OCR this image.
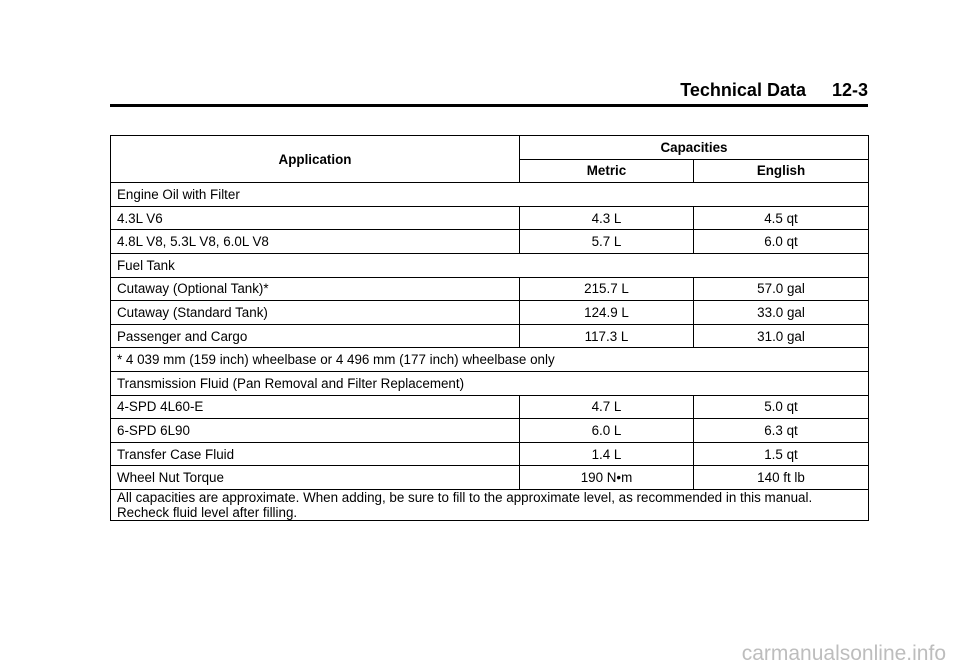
Technical Data 12-3
Application	Capacities	
	Metric	English
Engine Oil with Filter		
4.3L V6	4.3 L	4.5 qt
4.8L V8, 5.3L V8, 6.0L V8	5.7 L	6.0 qt
Fuel Tank		
Cutaway (Optional Tank)*	215.7 L	57.0 gal
Cutaway (Standard Tank)	124.9 L	33.0 gal
Passenger and Cargo	117.3 L	31.0 gal
* 4 039 mm (159 inch) wheelbase or 4 496 mm (177 inch) wheelbase only		
Transmission Fluid (Pan Removal and Filter Replacement)		
4-SPD 4L60-E	4.7 L	5.0 qt
6-SPD 6L90	6.0 L	6.3 qt
Transfer Case Fluid	1.4 L	1.5 qt
Wheel Nut Torque	190 N•m	140 ft lb
All capacities are approximate. When adding, be sure to fill to the approximate level, as recommended in this manual. Recheck fluid level after filling.		
carmanualsonline.info
